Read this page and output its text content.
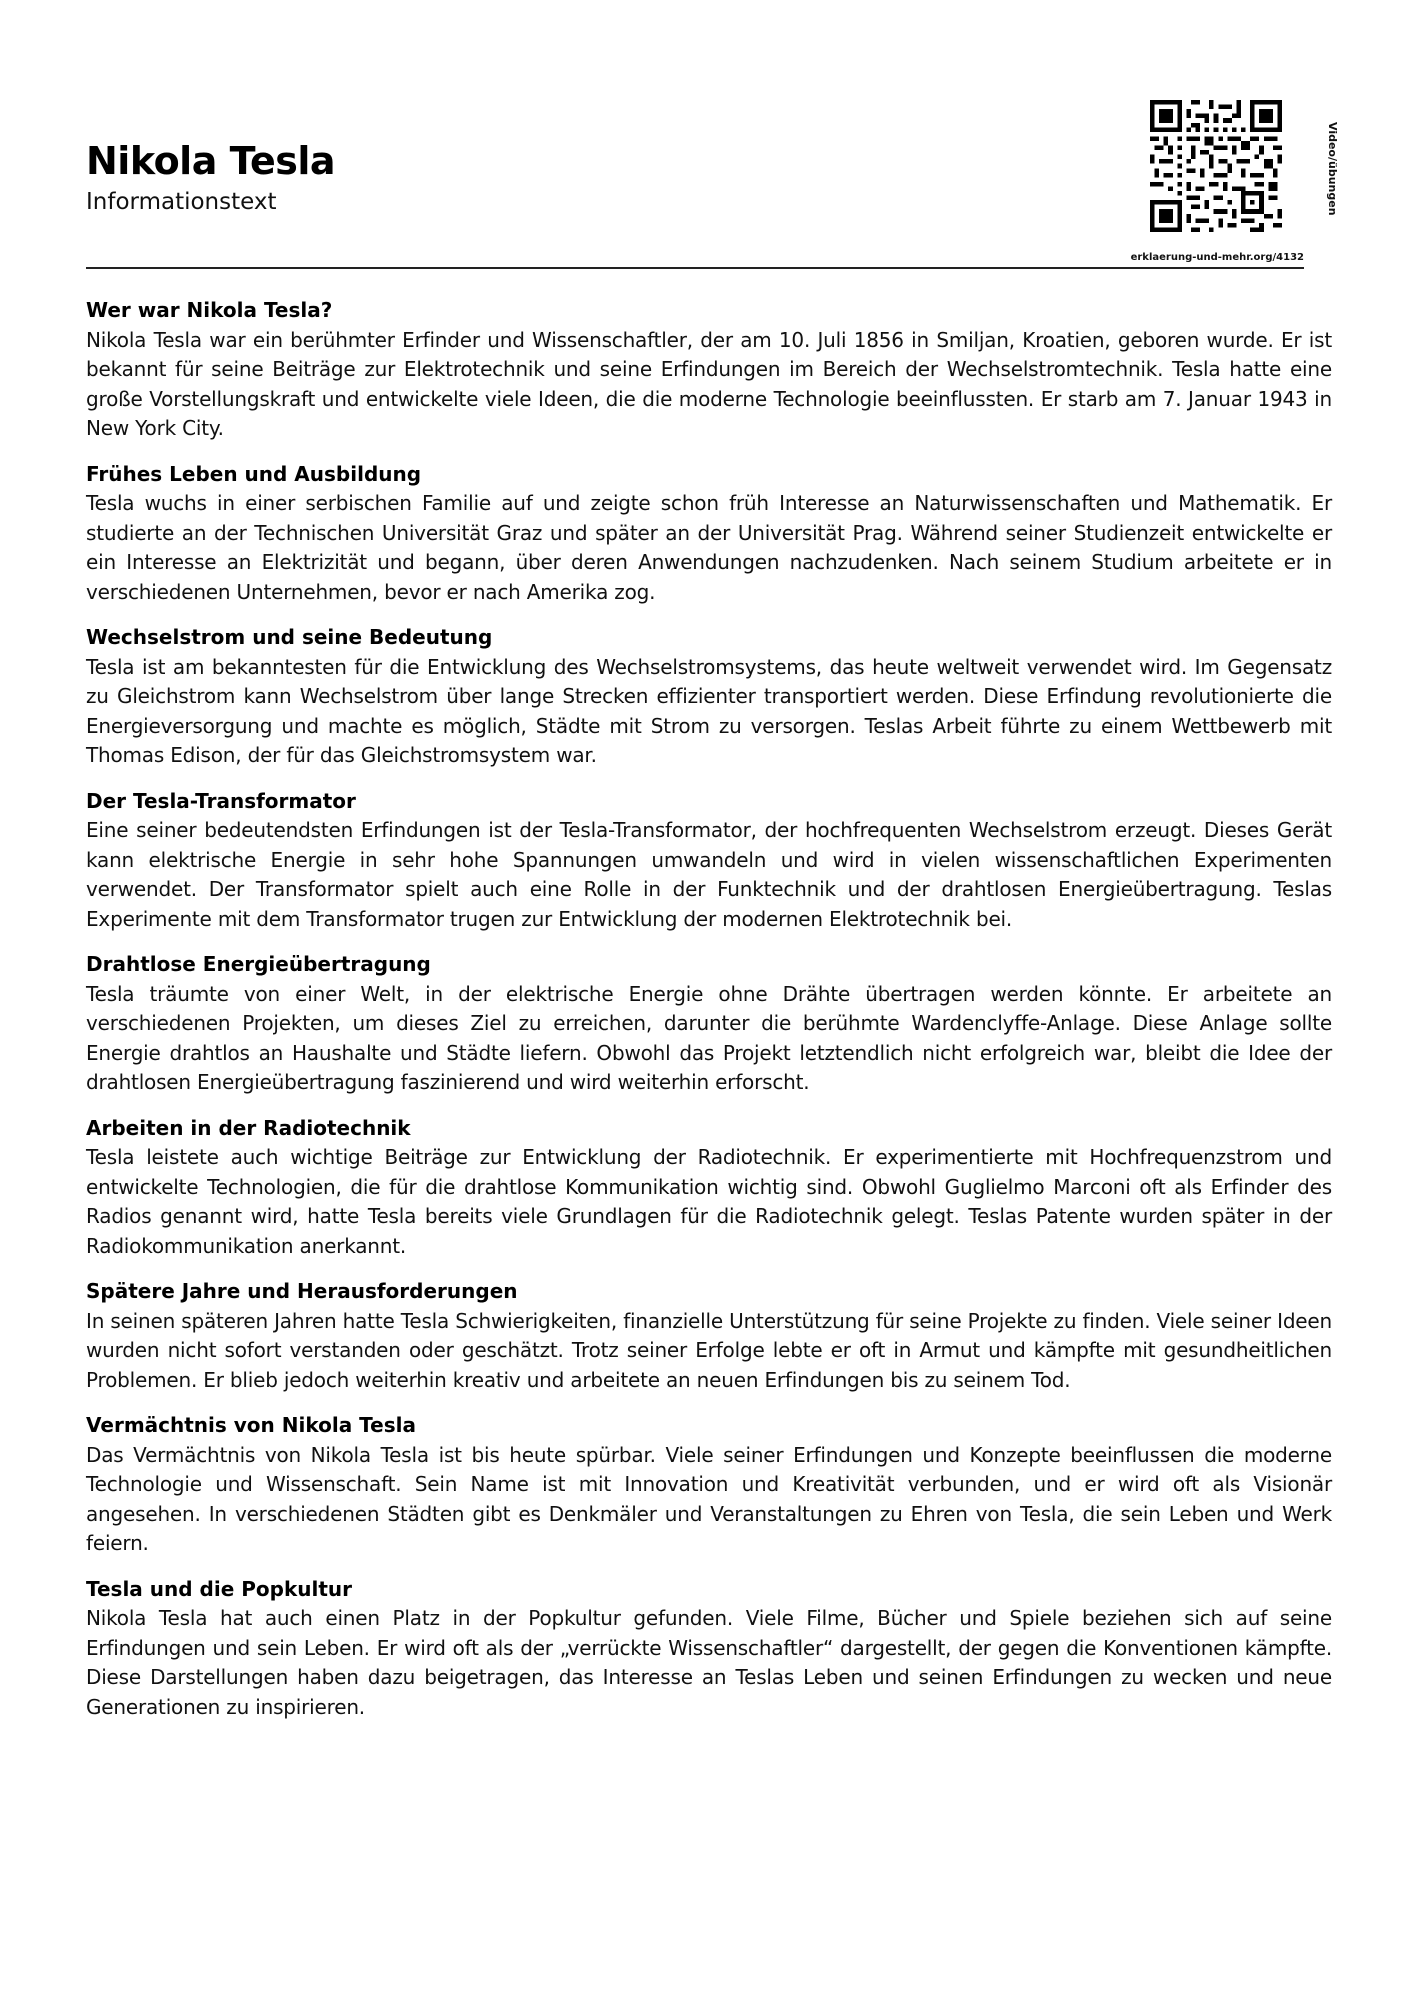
Nikola Tesla
Informationstext	Video/übungen
erklaerung-und-mehr.org/4132
Wer war Nikola Tesla?

Nikola Tesla war ein berühmter Erfinder und Wissenschaftler, der am 10. Juli 1856 in Smiljan, Kroatien, geboren wurde. Er ist bekannt für seine Beiträge zur Elektrotechnik und seine Erfindungen im Bereich der Wechselstromtechnik. Tesla hatte eine große Vorstellungskraft und entwickelte viele Ideen, die die moderne Technologie beeinflussten. Er starb am 7. Januar 1943 in New York City.

Frühes Leben und Ausbildung

Tesla wuchs in einer serbischen Familie auf und zeigte schon früh Interesse an Naturwissenschaften und Mathematik. Er studierte an der Technischen Universität Graz und später an der Universität Prag. Während seiner Studienzeit entwickelte er ein Interesse an Elektrizität und begann, über deren Anwendungen nachzudenken. Nach seinem Studium arbeitete er in verschiedenen Unternehmen, bevor er nach Amerika zog.

Wechselstrom und seine Bedeutung

Tesla ist am bekanntesten für die Entwicklung des Wechselstromsystems, das heute weltweit verwendet wird. Im Gegensatz zu Gleichstrom kann Wechselstrom über lange Strecken effizienter transportiert werden. Diese Erfindung revolutionierte die Energieversorgung und machte es möglich, Städte mit Strom zu versorgen. Teslas Arbeit führte zu einem Wettbewerb mit Thomas Edison, der für das Gleichstromsystem war.

Der Tesla-Transformator

Eine seiner bedeutendsten Erfindungen ist der Tesla-Transformator, der hochfrequenten Wechselstrom erzeugt. Dieses Gerät kann elektrische Energie in sehr hohe Spannungen umwandeln und wird in vielen wissenschaftlichen Experimenten verwendet. Der Transformator spielt auch eine Rolle in der Funktechnik und der drahtlosen Energieübertragung. Teslas Experimente mit dem Transformator trugen zur Entwicklung der modernen Elektrotechnik bei.

Drahtlose Energieübertragung

Tesla träumte von einer Welt, in der elektrische Energie ohne Drähte übertragen werden könnte. Er arbeitete an verschiedenen Projekten, um dieses Ziel zu erreichen, darunter die berühmte Wardenclyffe-Anlage. Diese Anlage sollte Energie drahtlos an Haushalte und Städte liefern. Obwohl das Projekt letztendlich nicht erfolgreich war, bleibt die Idee der drahtlosen Energieübertragung faszinierend und wird weiterhin erforscht.

Arbeiten in der Radiotechnik

Tesla leistete auch wichtige Beiträge zur Entwicklung der Radiotechnik. Er experimentierte mit Hochfrequenzstrom und entwickelte Technologien, die für die drahtlose Kommunikation wichtig sind. Obwohl Guglielmo Marconi oft als Erfinder des Radios genannt wird, hatte Tesla bereits viele Grundlagen für die Radiotechnik gelegt. Teslas Patente wurden später in der Radiokommunikation anerkannt.

Spätere Jahre und Herausforderungen

In seinen späteren Jahren hatte Tesla Schwierigkeiten, finanzielle Unterstützung für seine Projekte zu finden. Viele seiner Ideen wurden nicht sofort verstanden oder geschätzt. Trotz seiner Erfolge lebte er oft in Armut und kämpfte mit gesundheitlichen Problemen. Er blieb jedoch weiterhin kreativ und arbeitete an neuen Erfindungen bis zu seinem Tod.

Vermächtnis von Nikola Tesla

Das Vermächtnis von Nikola Tesla ist bis heute spürbar. Viele seiner Erfindungen und Konzepte beeinflussen die moderne Technologie und Wissenschaft. Sein Name ist mit Innovation und Kreativität verbunden, und er wird oft als Visionär angesehen. In verschiedenen Städten gibt es Denkmäler und Veranstaltungen zu Ehren von Tesla, die sein Leben und Werk feiern.

Tesla und die Popkultur

Nikola Tesla hat auch einen Platz in der Popkultur gefunden. Viele Filme, Bücher und Spiele beziehen sich auf seine Erfindungen und sein Leben. Er wird oft als der „verrückte Wissenschaftler“ dargestellt, der gegen die Konventionen kämpfte. Diese Darstellungen haben dazu beigetragen, das Interesse an Teslas Leben und seinen Erfindungen zu wecken und neue Generationen zu inspirieren.
